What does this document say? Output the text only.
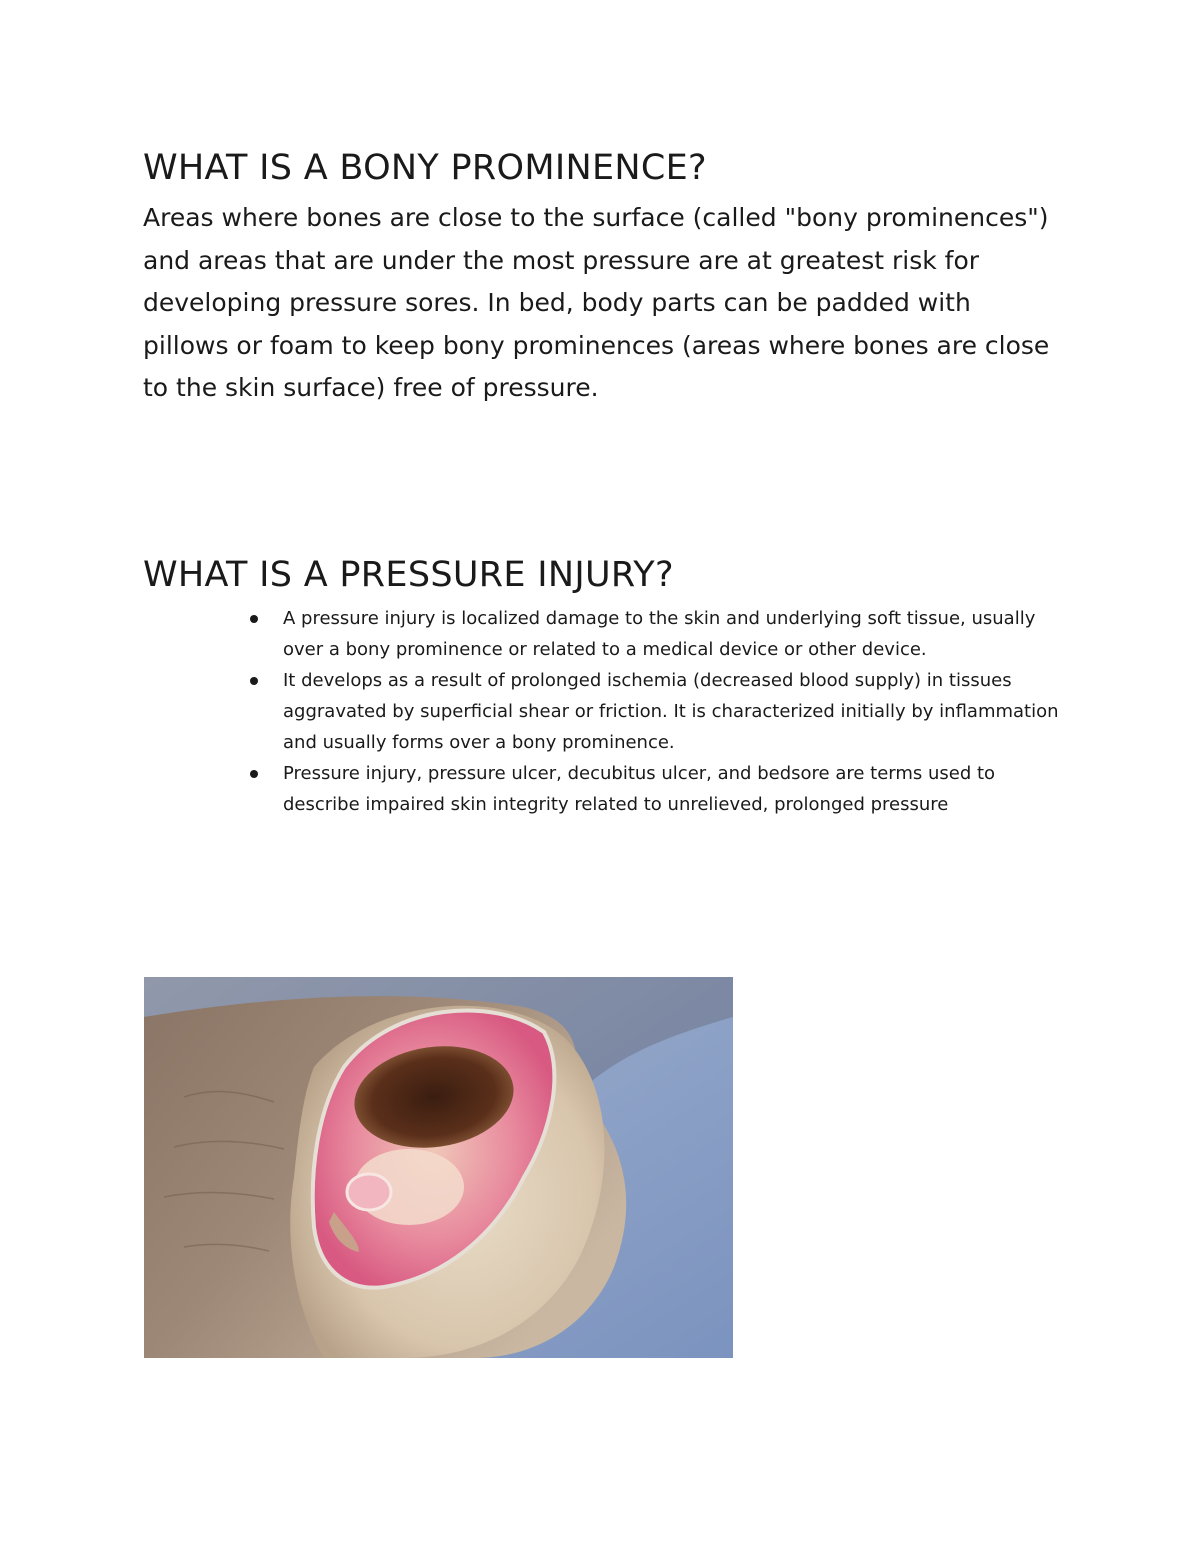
WHAT IS A BONY PROMINENCE?

Areas where bones are close to the surface (called "bony prominences") and areas that are under the most pressure are at greatest risk for developing pressure sores. In bed, body parts can be padded with pillows or foam to keep bony prominences (areas where bones are close to the skin surface) free of pressure.

WHAT IS A PRESSURE INJURY?
A pressure injury is localized damage to the skin and underlying soft tissue, usually over a bony prominence or related to a medical device or other device.
It develops as a result of prolonged ischemia (decreased blood supply) in tissues aggravated by superficial shear or friction. It is characterized initially by inflammation and usually forms over a bony prominence.
Pressure injury, pressure ulcer, decubitus ulcer, and bedsore are terms used to describe impaired skin integrity related to unrelieved, prolonged pressure
